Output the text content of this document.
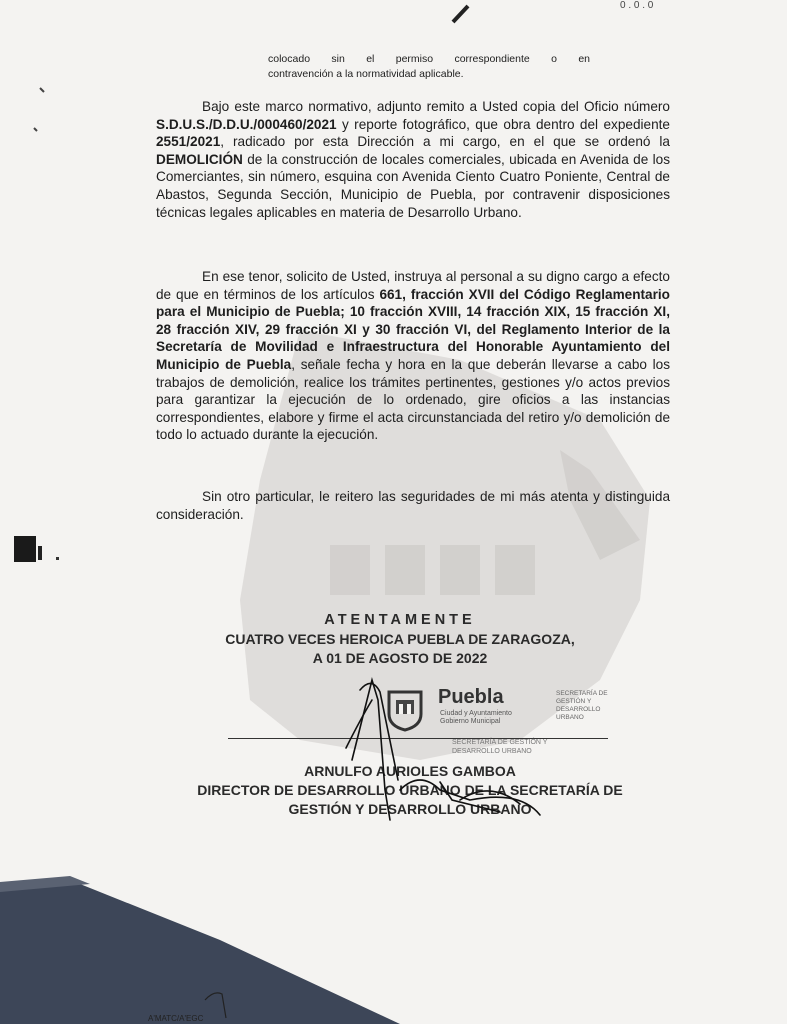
0 . 0 . 0
colocado sin el permiso correspondiente o en
contravención a la normatividad aplicable.
Bajo este marco normativo, adjunto remito a Usted copia del Oficio número S.D.U.S./D.D.U./000460/2021 y reporte fotográfico, que obra dentro del expediente 2551/2021, radicado por esta Dirección a mi cargo, en el que se ordenó la DEMOLICIÓN de la construcción de locales comerciales, ubicada en Avenida de los Comerciantes, sin número, esquina con Avenida Ciento Cuatro Poniente, Central de Abastos, Segunda Sección, Municipio de Puebla, por contravenir disposiciones técnicas legales aplicables en materia de Desarrollo Urbano.
En ese tenor, solicito de Usted, instruya al personal a su digno cargo a efecto de que en términos de los artículos 661, fracción XVII del Código Reglamentario para el Municipio de Puebla; 10 fracción XVIII, 14 fracción XIX, 15 fracción XI, 28 fracción XIV, 29 fracción XI y 30 fracción VI, del Reglamento Interior de la Secretaría de Movilidad e Infraestructura del Honorable Ayuntamiento del Municipio de Puebla, señale fecha y hora en la que deberán llevarse a cabo los trabajos de demolición, realice los trámites pertinentes, gestiones y/o actos previos para garantizar la ejecución de lo ordenado, gire oficios a las instancias correspondientes, elabore y firme el acta circunstanciada del retiro y/o demolición de todo lo actuado durante la ejecución.
Sin otro particular, le reitero las seguridades de mi más atenta y distinguida consideración.
ATENTAMENTE
CUATRO VECES HEROICA PUEBLA DE ZARAGOZA,
A 01 DE AGOSTO DE 2022
Puebla
Ciudad y Ayuntamiento
Gobierno Municipal
SECRETARÍA DE
GESTIÓN Y
DESARROLLO
URBANO
SECRETARÍA DE GESTIÓN Y
DESARROLLO URBANO
ARNULFO AURIOLES GAMBOA
DIRECTOR DE DESARROLLO URBANO DE LA SECRETARÍA DE
GESTIÓN Y DESARROLLO URBANO
A'MATC/A'EGC
